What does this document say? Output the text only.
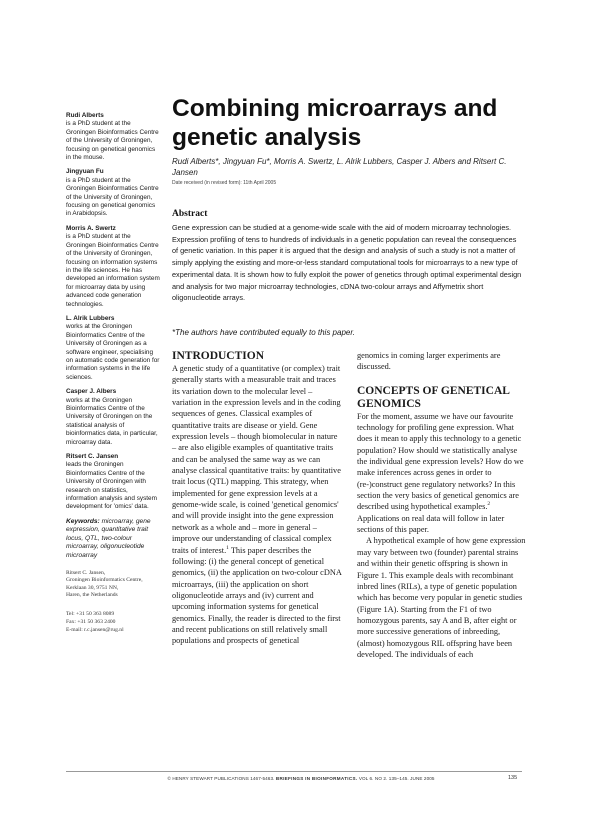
Rudi Alberts
is a PhD student at the Groningen Bioinformatics Centre of the University of Groningen, focusing on genetical genomics in the mouse.
Jingyuan Fu
is a PhD student at the Groningen Bioinformatics Centre of the University of Groningen, focusing on genetical genomics in Arabidopsis.
Morris A. Swertz
is a PhD student at the Groningen Bioinformatics Centre of the University of Groningen, focusing on information systems in the life sciences. He has developed an information system for microarray data by using advanced code generation technologies.
L. Alrik Lubbers
works at the Groningen Bioinformatics Centre of the University of Groningen as a software engineer, specialising on automatic code generation for information systems in the life sciences.
Casper J. Albers
works at the Groningen Bioinformatics Centre of the University of Groningen on the statistical analysis of bioinformatics data, in particular, microarray data.
Ritsert C. Jansen
leads the Groningen Bioinformatics Centre of the University of Groningen with research on statistics, information analysis and system development for 'omics' data.
Keywords: microarray, gene expression, quantitative trait locus, QTL, two-colour microarray, oligonucleotide microarray
Ritsert C. Jansen,
Groningen Bioinformatics Centre,
Kerklaan 30, 9751 NN,
Haren, the Netherlands
Tel: +31 50 363 8089
Fax: +31 50 363 2400
E-mail: r.c.jansen@rug.nl
Combining microarrays and
genetic analysis
Rudi Alberts*, Jingyuan Fu*, Morris A. Swertz, L. Alrik Lubbers, Casper J. Albers and Ritsert C. Jansen
Date received (in revised form): 11th April 2005
Abstract
Gene expression can be studied at a genome-wide scale with the aid of modern microarray technologies. Expression profiling of tens to hundreds of individuals in a genetic population can reveal the consequences of genetic variation. In this paper it is argued that the design and analysis of such a study is not a matter of simply applying the existing and more-or-less standard computational tools for microarrays to a new type of experimental data. It is shown how to fully exploit the power of genetics through optimal experimental design and analysis for two major microarray technologies, cDNA two-colour arrays and Affymetrix short oligonucleotide arrays.
*The authors have contributed equally to this paper.
INTRODUCTION

A genetic study of a quantitative (or complex) trait generally starts with a measurable trait and traces its variation down to the molecular level – variation in the expression levels and in the coding sequences of genes. Classical examples of quantitative traits are disease or yield. Gene expression levels – though biomolecular in nature – are also eligible examples of quantitative traits and can be analysed the same way as we can analyse classical quantitative traits: by quantitative trait locus (QTL) mapping. This strategy, when implemented for gene expression levels at a genome-wide scale, is coined 'genetical genomics' and will provide insight into the gene expression network as a whole and – more in general – improve our understanding of classical complex traits of interest.$^1$ This paper describes the following: (i) the general concept of genetical genomics, (ii) the application on two-colour cDNA microarrays, (iii) the application on short oligonucleotide arrays and (iv) current and upcoming information systems for genetical genomics. Finally, the reader is directed to the first and recent publications on still relatively small populations and prospects of genetical

genomics in coming larger experiments are discussed.

CONCEPTS OF GENETICAL GENOMICS

For the moment, assume we have our favourite technology for profiling gene expression. What does it mean to apply this technology to a genetic population? How should we statistically analyse the individual gene expression levels? How do we make inferences across genes in order to (re-)construct gene regulatory networks? In this section the very basics of genetical genomics are described using hypothetical examples.$^2$ Applications on real data will follow in later sections of this paper.

A hypothetical example of how gene expression may vary between two (founder) parental strains and within their genetic offspring is shown in Figure 1. This example deals with recombinant inbred lines (RILs), a type of genetic population which has become very popular in genetic studies (Figure 1A). Starting from the F1 of two homozygous parents, say A and B, after eight or more successive generations of inbreeding, (almost) homozygous RIL offspring have been developed. The individuals of each

© HENRY STEWART PUBLICATIONS 1467-5463. BRIEFINGS IN BIOINFORMATICS. VOL 6. NO 2. 135–145. JUNE 2005	135
